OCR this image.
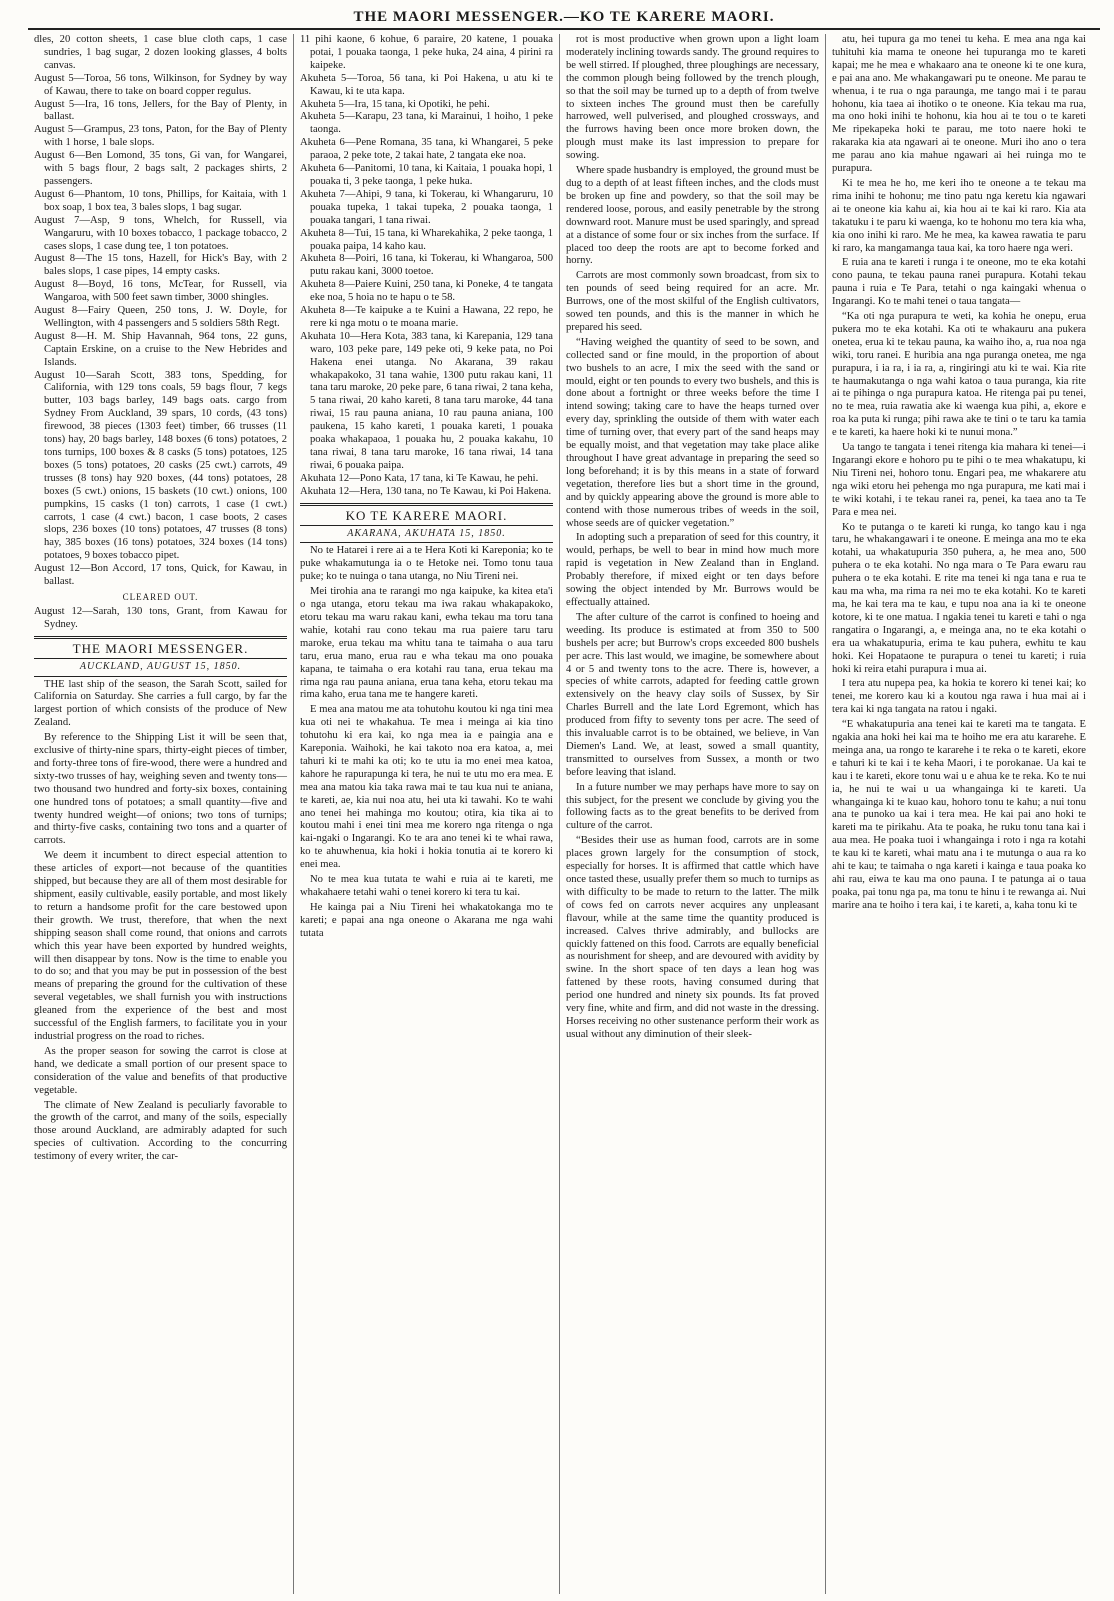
THE MAORI MESSENGER.—KO TE KARERE MAORI.

dles, 20 cotton sheets, 1 case blue cloth caps, 1 case sundries, 1 bag sugar, 2 dozen looking glasses, 4 bolts canvas.

August 5—Toroa, 56 tons, Wilkinson, for Sydney by way of Kawau, there to take on board copper regulus.

August 5—Ira, 16 tons, Jellers, for the Bay of Plenty, in ballast.

August 5—Grampus, 23 tons, Paton, for the Bay of Plenty with 1 horse, 1 bale slops.

August 6—Ben Lomond, 35 tons, Gi van, for Wangarei, with 5 bags flour, 2 bags salt, 2 packages shirts, 2 passengers.

August 6—Phantom, 10 tons, Phillips, for Kaitaia, with 1 box soap, 1 box tea, 3 bales slops, 1 bag sugar.

August 7—Asp, 9 tons, Whelch, for Russell, via Wangaruru, with 10 boxes tobacco, 1 package tobacco, 2 cases slops, 1 case dung tee, 1 ton potatoes.

August 8—The 15 tons, Hazell, for Hick's Bay, with 2 bales slops, 1 case pipes, 14 empty casks.

August 8—Boyd, 16 tons, McTear, for Russell, via Wangaroa, with 500 feet sawn timber, 3000 shingles.

August 8—Fairy Queen, 250 tons, J. W. Doyle, for Wellington, with 4 passengers and 5 soldiers 58th Regt.

August 8—H. M. Ship Havannah, 964 tons, 22 guns, Captain Erskine, on a cruise to the New Hebrides and Islands.

August 10—Sarah Scott, 383 tons, Spedding, for California, with 129 tons coals, 59 bags flour, 7 kegs butter, 103 bags barley, 149 bags oats. cargo from Sydney From Auckland, 39 spars, 10 cords, (43 tons) firewood, 38 pieces (1303 feet) timber, 66 trusses (11 tons) hay, 20 bags barley, 148 boxes (6 tons) potatoes, 2 tons turnips, 100 boxes & 8 casks (5 tons) potatoes, 125 boxes (5 tons) potatoes, 20 casks (25 cwt.) carrots, 49 trusses (8 tons) hay 920 boxes, (44 tons) potatoes, 28 boxes (5 cwt.) onions, 15 baskets (10 cwt.) onions, 100 pumpkins, 15 casks (1 ton) carrots, 1 case (1 cwt.) carrots, 1 case (4 cwt.) bacon, 1 case boots, 2 cases slops, 236 boxes (10 tons) potatoes, 47 trusses (8 tons) hay, 385 boxes (16 tons) potatoes, 324 boxes (14 tons) potatoes, 9 boxes tobacco pipet.

August 12—Bon Accord, 17 tons, Quick, for Kawau, in ballast.

CLEARED OUT.

August 12—Sarah, 130 tons, Grant, from Kawau for Sydney.

THE MAORI MESSENGER.
AUCKLAND, AUGUST 15, 1850.

THE last ship of the season, the Sarah Scott, sailed for California on Saturday. She carries a full cargo, by far the largest portion of which consists of the produce of New Zealand.

By reference to the Shipping List it will be seen that, exclusive of thirty-nine spars, thirty-eight pieces of timber, and forty-three tons of fire-wood, there were a hundred and sixty-two trusses of hay, weighing seven and twenty tons—two thousand two hundred and forty-six boxes, containing one hundred tons of potatoes; a small quantity—five and twenty hundred weight—of onions; two tons of turnips; and thirty-five casks, containing two tons and a quarter of carrots.

We deem it incumbent to direct especial attention to these articles of export—not because of the quantities shipped, but because they are all of them most desirable for shipment, easily cultivable, easily portable, and most likely to return a handsome profit for the care bestowed upon their growth. We trust, therefore, that when the next shipping season shall come round, that onions and carrots which this year have been exported by hundred weights, will then disappear by tons. Now is the time to enable you to do so; and that you may be put in possession of the best means of preparing the ground for the cultivation of these several vegetables, we shall furnish you with instructions gleaned from the experience of the best and most successful of the English farmers, to facilitate you in your industrial progress on the road to riches.

As the proper season for sowing the carrot is close at hand, we dedicate a small portion of our present space to consideration of the value and benefits of that productive vegetable.

The climate of New Zealand is peculiarly favorable to the growth of the carrot, and many of the soils, especially those around Auckland, are admirably adapted for such species of cultivation. According to the concurring testimony of every writer, the car-

11 pihi kaone, 6 kohue, 6 paraire, 20 katene, 1 pouaka potai, 1 pouaka taonga, 1 peke huka, 24 aina, 4 pirini ra kaipeke.

Akuheta 5—Toroa, 56 tana, ki Poi Hakena, u atu ki te Kawau, ki te uta kapa.

Akuheta 5—Ira, 15 tana, ki Opotiki, he pehi.

Akuheta 5—Karapu, 23 tana, ki Marainui, 1 hoiho, 1 peke taonga.

Akuheta 6—Pene Romana, 35 tana, ki Whangarei, 5 peke paraoa, 2 peke tote, 2 takai hate, 2 tangata eke noa.

Akuheta 6—Panitomi, 10 tana, ki Kaitaia, 1 pouaka hopi, 1 pouaka ti, 3 peke taonga, 1 peke huka.

Akuheta 7—Ahipi, 9 tana, ki Tokerau, ki Whangaruru, 10 pouaka tupeka, 1 takai tupeka, 2 pouaka taonga, 1 pouaka tangari, 1 tana riwai.

Akuheta 8—Tui, 15 tana, ki Wharekahika, 2 peke taonga, 1 pouaka paipa, 14 kaho kau.

Akuheta 8—Poiri, 16 tana, ki Tokerau, ki Whangaroa, 500 putu rakau kani, 3000 toetoe.

Akuheta 8—Paiere Kuini, 250 tana, ki Poneke, 4 te tangata eke noa, 5 hoia no te hapu o te 58.

Akuheta 8—Te kaipuke a te Kuini a Hawana, 22 repo, he rere ki nga motu o te moana marie.

Akuhata 10—Hera Kota, 383 tana, ki Karepania, 129 tana waro, 103 peke pare, 149 peke oti, 9 keke pata, no Poi Hakena enei utanga. No Akarana, 39 rakau whakapakoko, 31 tana wahie, 1300 putu rakau kani, 11 tana taru maroke, 20 peke pare, 6 tana riwai, 2 tana keha, 5 tana riwai, 20 kaho kareti, 8 tana taru maroke, 44 tana riwai, 15 rau pauna aniana, 10 rau pauna aniana, 100 paukena, 15 kaho kareti, 1 pouaka kareti, 1 pouaka poaka whakapaoa, 1 pouaka hu, 2 pouaka kakahu, 10 tana riwai, 8 tana taru maroke, 16 tana riwai, 14 tana riwai, 6 pouaka paipa.

Akuhata 12—Pono Kata, 17 tana, ki Te Kawau, he pehi.

Akuhata 12—Hera, 130 tana, no Te Kawau, ki Poi Hakena.

KO TE KARERE MAORI.
AKARANA, AKUHATA 15, 1850.

No te Hatarei i rere ai a te Hera Koti ki Kareponia; ko te puke whakamutunga ia o te Hetoke nei. Tomo tonu taua puke; ko te nuinga o tana utanga, no Niu Tireni nei.

Mei tirohia ana te rarangi mo nga kaipuke, ka kitea eta'i o nga utanga, etoru tekau ma iwa rakau whakapakoko, etoru tekau ma waru rakau kani, ewha tekau ma toru tana wahie, kotahi rau cono tekau ma rua paiere taru taru maroke, erua tekau ma whitu tana te taimaha o aua taru taru, erua mano, erua rau e wha tekau ma ono pouaka kapana, te taimaha o era kotahi rau tana, erua tekau ma rima nga rau pauna aniana, erua tana keha, etoru tekau ma rima kaho, erua tana me te hangere kareti.

E mea ana matou me ata tohutohu koutou ki nga tini mea kua oti nei te whakahua. Te mea i meinga ai kia tino tohutohu ki era kai, ko nga mea ia e paingia ana e Kareponia. Waihoki, he kai takoto noa era katoa, a, mei tahuri ki te mahi ka oti; ko te utu ia mo enei mea katoa, kahore he rapurapunga ki tera, he nui te utu mo era mea. E mea ana matou kia taka rawa mai te tau kua nui te aniana, te kareti, ae, kia nui noa atu, hei uta ki tawahi. Ko te wahi ano tenei hei mahinga mo koutou; otira, kia tika ai to koutou mahi i enei tini mea me korero nga ritenga o nga kai-ngaki o Ingarangi. Ko te ara ano tenei ki te whai rawa, ko te ahuwhenua, kia hoki i hokia tonutia ai te korero ki enei mea.

No te mea kua tutata te wahi e ruia ai te kareti, me whakahaere tetahi wahi o tenei korero ki tera tu kai.

He kainga pai a Niu Tireni hei whakatokanga mo te kareti; e papai ana nga oneone o Akarana me nga wahi tutata

rot is most productive when grown upon a light loam moderately inclining towards sandy. The ground requires to be well stirred. If ploughed, three ploughings are necessary, the common plough being followed by the trench plough, so that the soil may be turned up to a depth of from twelve to sixteen inches The ground must then be carefully harrowed, well pulverised, and ploughed crossways, and the furrows having been once more broken down, the plough must make its last impression to prepare for sowing.

Where spade husbandry is employed, the ground must be dug to a depth of at least fifteen inches, and the clods must be broken up fine and powdery, so that the soil may be rendered loose, porous, and easily penetrable by the strong downward root. Manure must be used sparingly, and spread at a distance of some four or six inches from the surface. If placed too deep the roots are apt to become forked and horny.

Carrots are most commonly sown broadcast, from six to ten pounds of seed being required for an acre. Mr. Burrows, one of the most skilful of the English cultivators, sowed ten pounds, and this is the manner in which he prepared his seed.

“Having weighed the quantity of seed to be sown, and collected sand or fine mould, in the proportion of about two bushels to an acre, I mix the seed with the sand or mould, eight or ten pounds to every two bushels, and this is done about a fortnight or three weeks before the time I intend sowing; taking care to have the heaps turned over every day, sprinkling the outside of them with water each time of turning over, that every part of the sand heaps may be equally moist, and that vegetation may take place alike throughout I have great advantage in preparing the seed so long beforehand; it is by this means in a state of forward vegetation, therefore lies but a short time in the ground, and by quickly appearing above the ground is more able to contend with those numerous tribes of weeds in the soil, whose seeds are of quicker vegetation.”

In adopting such a preparation of seed for this country, it would, perhaps, be well to bear in mind how much more rapid is vegetation in New Zealand than in England. Probably therefore, if mixed eight or ten days before sowing the object intended by Mr. Burrows would be effectually attained.

The after culture of the carrot is confined to hoeing and weeding. Its produce is estimated at from 350 to 500 bushels per acre; but Burrow's crops exceeded 800 bushels per acre. This last would, we imagine, be somewhere about 4 or 5 and twenty tons to the acre. There is, however, a species of white carrots, adapted for feeding cattle grown extensively on the heavy clay soils of Sussex, by Sir Charles Burrell and the late Lord Egremont, which has produced from fifty to seventy tons per acre. The seed of this invaluable carrot is to be obtained, we believe, in Van Diemen's Land. We, at least, sowed a small quantity, transmitted to ourselves from Sussex, a month or two before leaving that island.

In a future number we may perhaps have more to say on this subject, for the present we conclude by giving you the following facts as to the great benefits to be derived from culture of the carrot.

“Besides their use as human food, carrots are in some places grown largely for the consumption of stock, especially for horses. It is affirmed that cattle which have once tasted these, usually prefer them so much to turnips as with difficulty to be made to return to the latter. The milk of cows fed on carrots never acquires any unpleasant flavour, while at the same time the quantity produced is increased. Calves thrive admirably, and bullocks are quickly fattened on this food. Carrots are equally beneficial as nourishment for sheep, and are devoured with avidity by swine. In the short space of ten days a lean hog was fattened by these roots, having consumed during that period one hundred and ninety six pounds. Its fat proved very fine, white and firm, and did not waste in the dressing. Horses receiving no other sustenance perform their work as usual without any diminution of their sleek-

atu, hei tupura ga mo tenei tu keha. E mea ana nga kai tuhituhi kia mama te oneone hei tupuranga mo te kareti kapai; me he mea e whakaaro ana te oneone ki te one kura, e pai ana ano. Me whakangawari pu te oneone. Me parau te whenua, i te rua o nga paraunga, me tango mai i te parau hohonu, kia taea ai ihotiko o te oneone. Kia tekau ma rua, ma ono hoki inihi te hohonu, kia hou ai te tou o te kareti Me ripekapeka hoki te parau, me toto naere hoki te rakaraka kia ata ngawari ai te oneone. Muri iho ano o tera me parau ano kia mahue ngawari ai hei ruinga mo te purapura.

Ki te mea he ho, me keri iho te oneone a te tekau ma rima inihi te hohonu; me tino patu nga keretu kia ngawari ai te oneone kia kahu ai, kia hou ai te kai ki raro. Kia ata takatuku i te paru ki waenga, ko te hohonu mo tera kia wha, kia ono inihi ki raro. Me he mea, ka kawea rawatia te paru ki raro, ka mangamanga taua kai, ka toro haere nga weri.

E ruia ana te kareti i runga i te oneone, mo te eka kotahi cono pauna, te tekau pauna ranei purapura. Kotahi tekau pauna i ruia e Te Para, tetahi o nga kaingaki whenua o Ingarangi. Ko te mahi tenei o taua tangata—

“Ka oti nga purapura te weti, ka kohia he onepu, erua pukera mo te eka kotahi. Ka oti te whakauru ana pukera onetea, erua ki te tekau pauna, ka waiho iho, a, rua noa nga wiki, toru ranei. E huribia ana nga puranga onetea, me nga purapura, i ia ra, i ia ra, a, ringiringi atu ki te wai. Kia rite te haumakutanga o nga wahi katoa o taua puranga, kia rite ai te pihinga o nga purapura katoa. He ritenga pai pu tenei, no te mea, ruia rawatia ake ki waenga kua pihi, a, ekore e roa ka puta ki runga; pihi rawa ake te tini o te taru ka tamia e te kareti, ka haere hoki ki te nunui mona.”

Ua tango te tangata i tenei ritenga kia mahara ki tenei—i Ingarangi ekore e hohoro pu te pihi o te mea whakatupu, ki Niu Tireni nei, hohoro tonu. Engari pea, me whakarere atu nga wiki etoru hei pehenga mo nga purapura, me kati mai i te wiki kotahi, i te tekau ranei ra, penei, ka taea ano ta Te Para e mea nei.

Ko te putanga o te kareti ki runga, ko tango kau i nga taru, he whakangawari i te oneone. E meinga ana mo te eka kotahi, ua whakatupuria 350 puhera, a, he mea ano, 500 puhera o te eka kotahi. No nga mara o Te Para ewaru rau puhera o te eka kotahi. E rite ma tenei ki nga tana e rua te kau ma wha, ma rima ra nei mo te eka kotahi. Ko te kareti ma, he kai tera ma te kau, e tupu noa ana ia ki te oneone kotore, ki te one matua. I ngakia tenei tu kareti e tahi o nga rangatira o Ingarangi, a, e meinga ana, no te eka kotahi o era ua whakatupuria, erima te kau puhera, ewhitu te kau hoki. Kei Hopataone te purapura o tenei tu kareti; i ruia hoki ki reira etahi purapura i mua ai.

I tera atu nupepa pea, ka hokia te korero ki tenei kai; ko tenei, me korero kau ki a koutou nga rawa i hua mai ai i tera kai ki nga tangata na ratou i ngaki.

“E whakatupuria ana tenei kai te kareti ma te tangata. E ngakia ana hoki hei kai ma te hoiho me era atu kararehe. E meinga ana, ua rongo te kararehe i te reka o te kareti, ekore e tahuri ki te kai i te keha Maori, i te porokanae. Ua kai te kau i te kareti, ekore tonu wai u e ahua ke te reka. Ko te nui ia, he nui te wai u ua whangainga ki te kareti. Ua whangainga ki te kuao kau, hohoro tonu te kahu; a nui tonu ana te punoko ua kai i tera mea. He kai pai ano hoki te kareti ma te pirikahu. Ata te poaka, he ruku tonu tana kai i aua mea. He poaka tuoi i whangainga i roto i nga ra kotahi te kau ki te kareti, whai matu ana i te mutunga o aua ra ko ahi te kau; te taimaha o nga kareti i kainga e taua poaka ko ahi rau, eiwa te kau ma ono pauna. I te patunga ai o taua poaka, pai tonu nga pa, ma tonu te hinu i te rewanga ai. Nui marire ana te hoiho i tera kai, i te kareti, a, kaha tonu ki te
